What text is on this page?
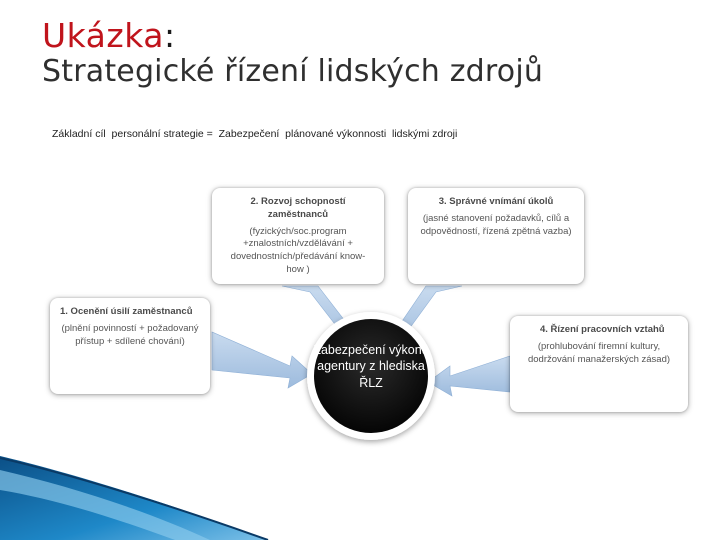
Ukázka:
Strategické řízení lidských zdrojů

Základní cíl  personální strategie =  Zabezpečení  plánované výkonnosti  lidskými zdroji

2. Rozvoj schopností zaměstnanců
(fyzických/soc.program +znalostních/vzdělávání + dovednostních/předávání know-how )
3. Správné vnímání úkolů
(jasné stanovení požadavků, cílů a odpovědností, řízená zpětná vazba)
1. Ocenění úsilí zaměstnanců
(plnění povinností + požadovaný přístup + sdílené chování)
4. Řízení pracovních vztahů
(prohlubování firemní kultury, dodržování manažerských zásad)
Zabezpečení výkonu agentury z hlediska ŘLZ
